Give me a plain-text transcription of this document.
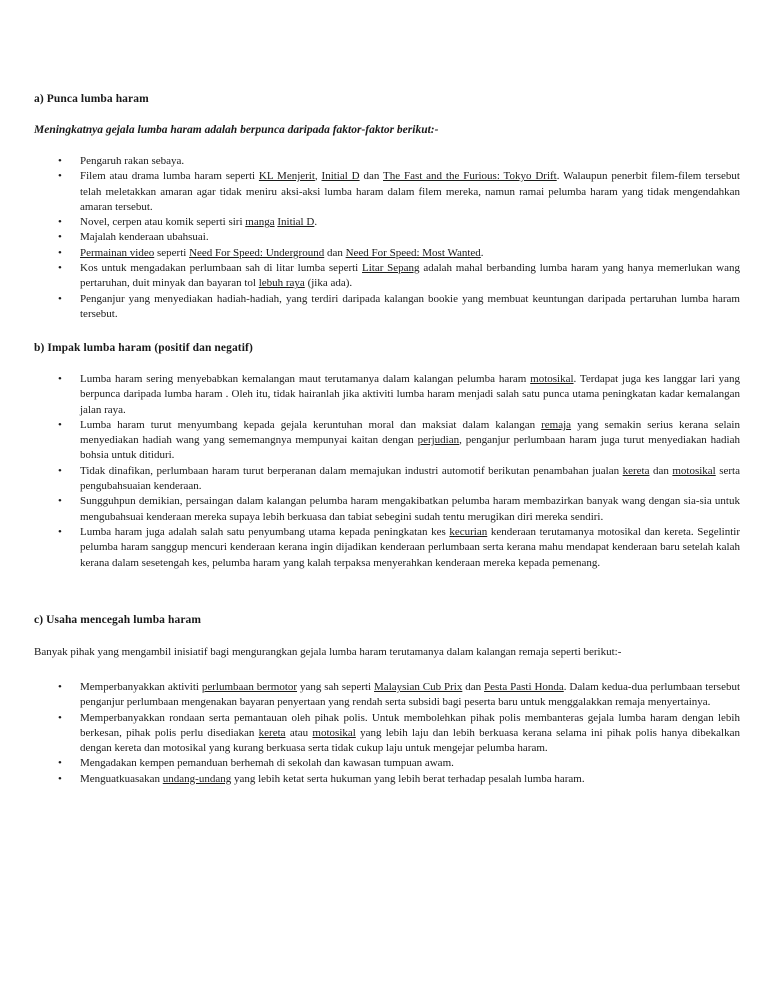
a) Punca lumba haram
Meningkatnya gejala lumba haram adalah berpunca daripada faktor-faktor berikut:-
• Pengaruh rakan sebaya.
• Filem atau drama lumba haram seperti KL Menjerit, Initial D dan The Fast and the Furious: Tokyo Drift. Walaupun penerbit filem-filem tersebut telah meletakkan amaran agar tidak meniru aksi-aksi lumba haram dalam filem mereka, namun ramai pelumba haram yang tidak mengendahkan amaran tersebut.
• Novel, cerpen atau komik seperti siri manga Initial D.
• Majalah kenderaan ubahsuai.
• Permainan video seperti Need For Speed: Underground dan Need For Speed: Most Wanted.
• Kos untuk mengadakan perlumbaan sah di litar lumba seperti Litar Sepang adalah mahal berbanding lumba haram yang hanya memerlukan wang pertaruhan, duit minyak dan bayaran tol lebuh raya (jika ada).
• Penganjur yang menyediakan hadiah-hadiah, yang terdiri daripada kalangan bookie yang membuat keuntungan daripada pertaruhan lumba haram tersebut.
b) Impak lumba haram (positif dan negatif)
• Lumba haram sering menyebabkan kemalangan maut terutamanya dalam kalangan pelumba haram motosikal. Terdapat juga kes langgar lari yang berpunca daripada lumba haram . Oleh itu, tidak hairanlah jika aktiviti lumba haram menjadi salah satu punca utama peningkatan kadar kemalangan jalan raya.
• Lumba haram turut menyumbang kepada gejala keruntuhan moral dan maksiat dalam kalangan remaja yang semakin serius kerana selain menyediakan hadiah wang yang sememangnya mempunyai kaitan dengan perjudian, penganjur perlumbaan haram juga turut menyediakan hadiah bohsia untuk ditiduri.
• Tidak dinafikan, perlumbaan haram turut berperanan dalam memajukan industri automotif berikutan penambahan jualan kereta dan motosikal serta pengubahsuaian kenderaan.
• Sungguhpun demikian, persaingan dalam kalangan pelumba haram mengakibatkan pelumba haram membazirkan banyak wang dengan sia-sia untuk mengubahsuai kenderaan mereka supaya lebih berkuasa dan tabiat sebegini sudah tentu merugikan diri mereka sendiri.
• Lumba haram juga adalah salah satu penyumbang utama kepada peningkatan kes kecurian kenderaan terutamanya motosikal dan kereta. Segelintir pelumba haram sanggup mencuri kenderaan kerana ingin dijadikan kenderaan perlumbaan serta kerana mahu mendapat kenderaan baru setelah kalah kerana dalam sesetengah kes, pelumba haram yang kalah terpaksa menyerahkan kenderaan mereka kepada pemenang.
c) Usaha mencegah lumba haram
Banyak pihak yang mengambil inisiatif bagi mengurangkan gejala lumba haram terutamanya dalam kalangan remaja seperti berikut:-
• Memperbanyakkan aktiviti perlumbaan bermotor yang sah seperti Malaysian Cub Prix dan Pesta Pasti Honda. Dalam kedua-dua perlumbaan tersebut penganjur perlumbaan mengenakan bayaran penyertaan yang rendah serta subsidi bagi peserta baru untuk menggalakkan remaja menyertainya.
• Memperbanyakkan rondaan serta pemantauan oleh pihak polis. Untuk membolehkan pihak polis membanteras gejala lumba haram dengan lebih berkesan, pihak polis perlu disediakan kereta atau motosikal yang lebih laju dan lebih berkuasa kerana selama ini pihak polis hanya dibekalkan dengan kereta dan motosikal yang kurang berkuasa serta tidak cukup laju untuk mengejar pelumba haram.
• Mengadakan kempen pemanduan berhemah di sekolah dan kawasan tumpuan awam.
• Menguatkuasakan undang-undang yang lebih ketat serta hukuman yang lebih berat terhadap pesalah lumba haram.
